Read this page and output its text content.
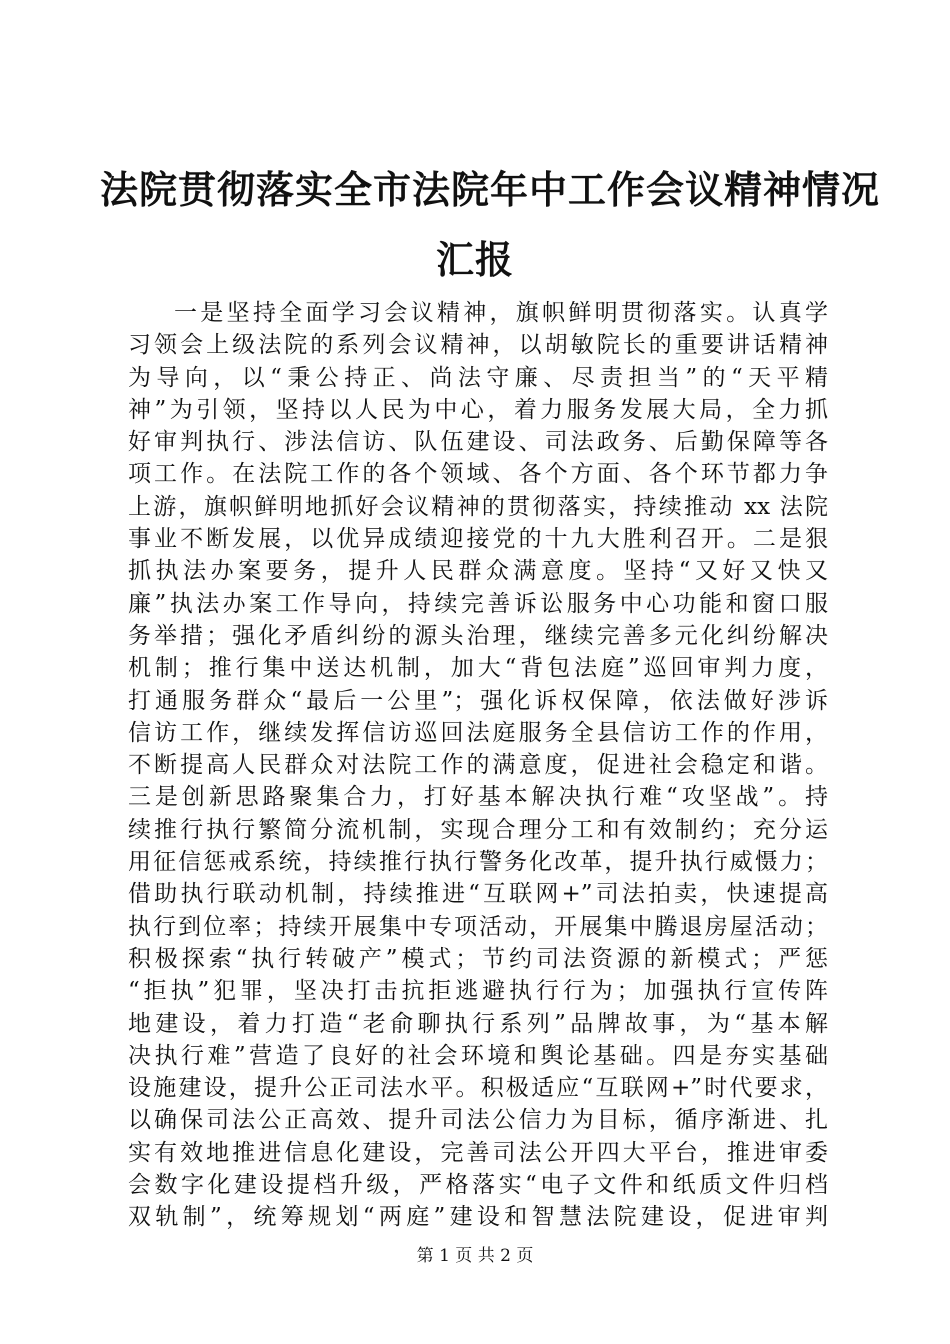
法院贯彻落实全市法院年中工作会议精神情况
汇报
一是坚持全面学习会议精神，旗帜鲜明贯彻落实。认真学
习领会上级法院的系列会议精神，以胡敏院长的重要讲话精神
为导向，以“秉公持正、尚法守廉、尽责担当”的“天平精
神”为引领，坚持以人民为中心，着力服务发展大局，全力抓
好审判执行、涉法信访、队伍建设、司法政务、后勤保障等各
项工作。在法院工作的各个领域、各个方面、各个环节都力争
上游，旗帜鲜明地抓好会议精神的贯彻落实，持续推动 xx 法院
事业不断发展，以优异成绩迎接党的十九大胜利召开。二是狠
抓执法办案要务，提升人民群众满意度。坚持“又好又快又
廉”执法办案工作导向，持续完善诉讼服务中心功能和窗口服
务举措；强化矛盾纠纷的源头治理，继续完善多元化纠纷解决
机制；推行集中送达机制，加大“背包法庭”巡回审判力度，
打通服务群众“最后一公里”；强化诉权保障，依法做好涉诉
信访工作，继续发挥信访巡回法庭服务全县信访工作的作用，
不断提高人民群众对法院工作的满意度，促进社会稳定和谐。
三是创新思路聚集合力，打好基本解决执行难“攻坚战”。持
续推行执行繁简分流机制，实现合理分工和有效制约；充分运
用征信惩戒系统，持续推行执行警务化改革，提升执行威慑力；
借助执行联动机制，持续推进“互联网+”司法拍卖，快速提高
执行到位率；持续开展集中专项活动，开展集中腾退房屋活动；
积极探索“执行转破产”模式；节约司法资源的新模式；严惩
“拒执”犯罪，坚决打击抗拒逃避执行行为；加强执行宣传阵
地建设，着力打造“老俞聊执行系列”品牌故事，为“基本解
决执行难”营造了良好的社会环境和舆论基础。四是夯实基础
设施建设，提升公正司法水平。积极适应“互联网+”时代要求，
以确保司法公正高效、提升司法公信力为目标，循序渐进、扎
实有效地推进信息化建设，完善司法公开四大平台，推进审委
会数字化建设提档升级，严格落实“电子文件和纸质文件归档
双轨制”，统筹规划“两庭”建设和智慧法院建设，促进审判
第 1 页 共 2 页
